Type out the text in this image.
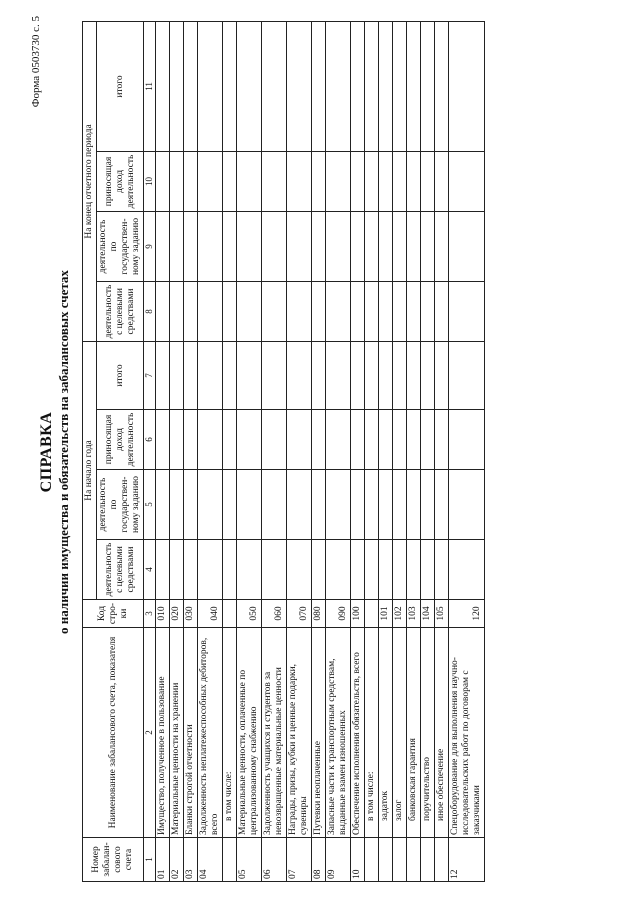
Форма 0503730 с. 5
СПРАВКА о наличии имущества и обязательств на забалансовых счетах
Номер забалан-сового счета	Наименование забалансового счета, показателя	Код стро-ки	На начало года				На конец отчетного периода			
			деятельность с целевыми средствами	деятельность по государствен-ному заданию	приносящая доход деятельность	итого	деятельность с целевыми средствами	деятельность по государствен-ному заданию	приносящая доход деятельность	итого
1	2	3	4	5	6	7	8	9	10	11
01	Имущество, полученное в пользование	010								
02	Материальные ценности на хранении	020								
03	Бланки строгой отчетности	030								
04	Задолженность неплатежеспособных дебиторов, всего	040								
	в том числе:									
05	Материальные ценности, оплаченные по централизованному снабжению	050								
06	Задолженность учащихся и студентов за невозвращенные материальные ценности	060								
07	Награды, призы, кубки и ценные подарки, сувениры	070								
08	Путевки неоплаченные	080								
09	Запасные части к транспортным средствам, выданные взамен изношенных	090								
10	Обеспечение исполнения обязательств, всего	100								
	в том числе:									
	задаток	101								
	залог	102								
	банковская гарантия	103								
	поручительство	104								
	иное обеспечение	105								
12	Спецоборудование для выполнения научно-исследовательских работ по договорам с заказчиками	120								
